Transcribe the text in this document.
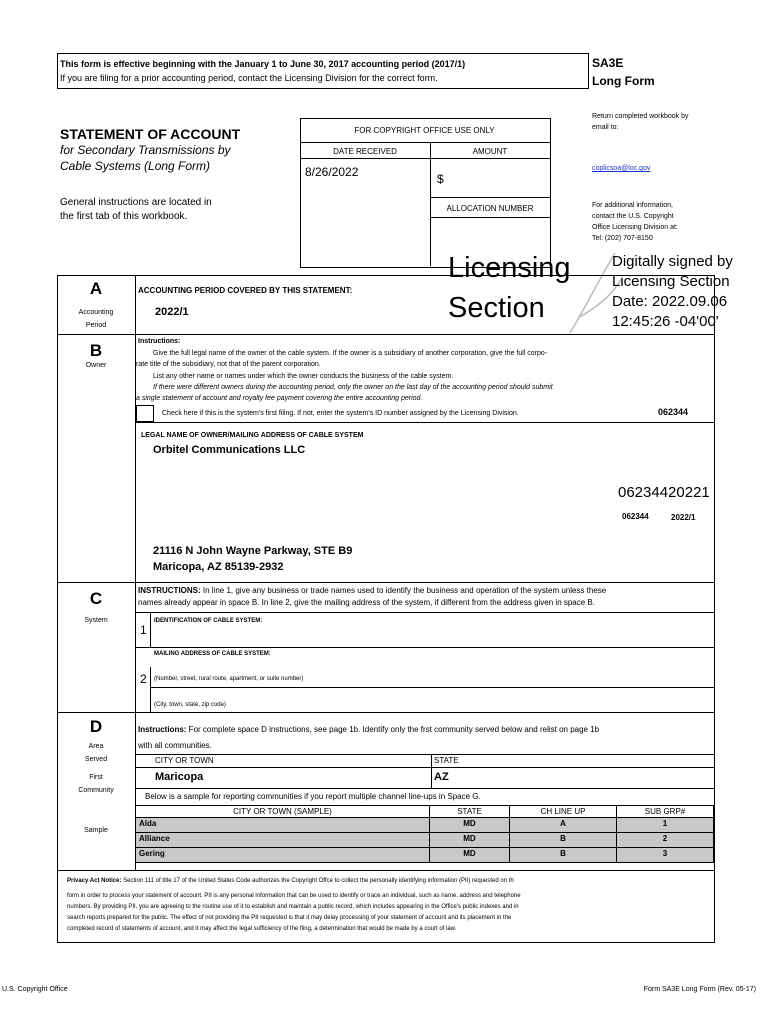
This form is effective beginning with the January 1 to June 30, 2017 accounting period (2017/1)
If you are filing for a prior accounting period, contact the Licensing Division for the correct form.
SA3E
Long Form
STATEMENT OF ACCOUNT
for Secondary Transmissions by
Cable Systems (Long Form)
General instructions are located in
the first tab of this workbook.
FOR COPYRIGHT OFFICE USE ONLY
DATE RECEIVED	AMOUNT
8/26/2022	$
ALLOCATION NUMBER
Return completed workbook by
email to:
coplicsoa@loc.gov
For additional information,
contact the U.S. Copyright
Office Licensing Division at:
Tel: (202) 707-8150
Licensing
Section
Digitally signed by
Licensing Section
Date: 2022.09.06
12:45:26 -04'00'
A
Accounting
Period
ACCOUNTING PERIOD COVERED BY THIS STATEMENT:
2022/1
B
Owner
Instructions:
Give the full legal name of the owner of the cable system. If the owner is a subsidiary of another corporation, give the full corpo-
rate title of the subsidiary, not that of the parent corporation.
List any other name or names under which the owner conducts the business of the cable system.
If there were different owners during the accounting period, only the owner on the last day of the accounting period should submit
a single statement of account and royalty fee payment covering the entire accounting period.
Check here if this is the system's first filing. If not, enter the system's ID number assigned by the Licensing Division.	062344
LEGAL NAME OF OWNER/MAILING ADDRESS OF CABLE SYSTEM
Orbitel Communications LLC
06234420221
062344	2022/1
21116 N John Wayne Parkway, STE B9
Maricopa, AZ 85139-2932
C
System
INSTRUCTIONS: In line 1, give any business or trade names used to identify the business and operation of the system unless these
names already appear in space B. In line 2, give the mailing address of the system, if different from the address given in space B.
1
IDENTIFICATION OF CABLE SYSTEM:
MAILING ADDRESS OF CABLE SYSTEM:
2 (Number, street, rural route, apartment, or suite number)
(City, town, state, zip code)
D
Area
Served
First
Community
Sample
Instructions: For complete space D instructions, see page 1b. Identify only the frst community served below and relist on page 1b
with all communities.
CITY OR TOWN	STATE
Maricopa	AZ
Below is a sample for reporting communities if you report multiple channel line-ups in Space G.
CITY OR TOWN (SAMPLE)	STATE	CH LINE UP	SUB GRP#
Alda	MD	A	1
Alliance	MD	B	2
Gering	MD	B	3
Privacy Act Notice: Section 111 of title 17 of the United States Code authorizes the Copyright Offce to collect the personally identifying information (PII) requested on th
form in order to process your statement of account. PII is any personal information that can be used to identify or trace an individual, such as name, address and telephone
numbers. By providing PII, you are agreeing to the routine use of it to establish and maintain a public record, which includes appearing in the Office's public indexes and in
search reports prepared for the public. The effect of not providing the PII requested is that it may delay processing of your statement of account and its placement in the
completed record of statements of account, and it may affect the legal sufficiency of the fling, a determination that would be made by a court of law.
U.S. Copyright Office	Form SA3E Long Form (Rev. 05-17)
